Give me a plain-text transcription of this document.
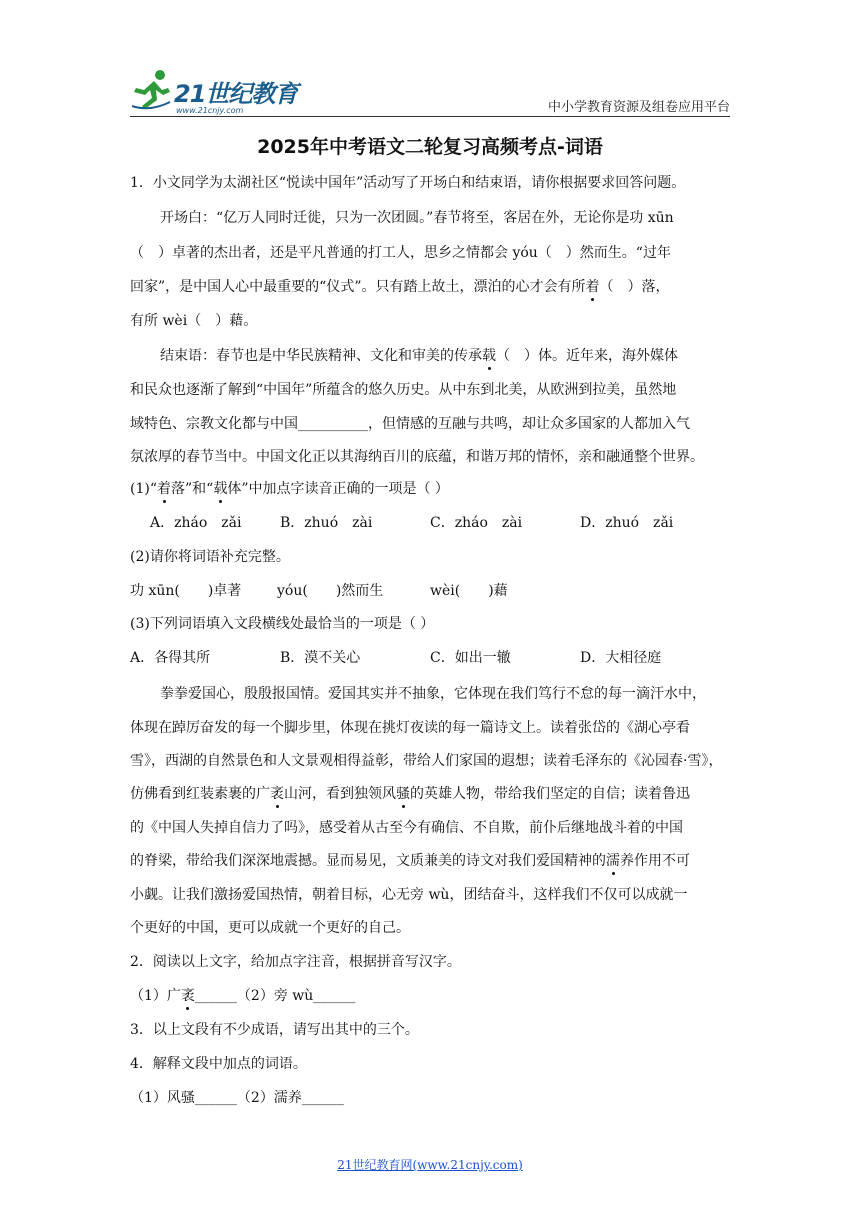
21世纪教育
www.21cnjy.com	中小学教育资源及组卷应用平台
2025年中考语文二轮复习高频考点-词语
1．小文同学为太湖社区“悦读中国年”活动写了开场白和结束语，请你根据要求回答问题。
开场白：“亿万人同时迁徙，只为一次团圆。”春节将至，客居在外，无论你是功 xūn
（　）卓著的杰出者，还是平凡普通的打工人，思乡之情都会 yóu（　）然而生。“过年
回家”，是中国人心中最重要的“仪式”。只有踏上故土，漂泊的心才会有所着（　）落，
有所 wèi（　）藉。
结束语：春节也是中华民族精神、文化和审美的传承载（　）体。近年来，海外媒体
和民众也逐渐了解到“中国年”所蕴含的悠久历史。从中东到北美，从欧洲到拉美，虽然地
域特色、宗教文化都与中国__________，但情感的互融与共鸣，却让众多国家的人都加入气
氛浓厚的春节当中。中国文化正以其海纳百川的底蕴，和谐万邦的情怀，亲和融通整个世界。
(1)“着落”和“载体”中加点字读音正确的一项是（ ）
A．zháo　zǎi	B．zhuó　zài	C．zháo　zài	D．zhuó　zǎi
(2)请你将词语补充完整。
功 xūn(　　)卓著	yóu(　　)然而生	wèi(　　)藉
(3)下列词语填入文段横线处最恰当的一项是（ ）
A．各得其所	B．漠不关心	C．如出一辙	D．大相径庭
拳拳爱国心，殷殷报国情。爱国其实并不抽象，它体现在我们笃行不怠的每一滴汗水中，
体现在踔厉奋发的每一个脚步里，体现在挑灯夜读的每一篇诗文上。读着张岱的《湖心亭看
雪》，西湖的自然景色和人文景观相得益彰，带给人们家国的遐想；读着毛泽东的《沁园春·雪》，
仿佛看到红装素裹的广袤山河，看到独领风骚的英雄人物，带给我们坚定的自信；读着鲁迅
的《中国人失掉自信力了吗》，感受着从古至今有确信、不自欺，前仆后继地战斗着的中国
的脊梁，带给我们深深地震撼。显而易见，文质兼美的诗文对我们爱国精神的濡养作用不可
小觑。让我们激扬爱国热情，朝着目标，心无旁 wù，团结奋斗，这样我们不仅可以成就一
个更好的中国，更可以成就一个更好的自己。
2．阅读以上文字，给加点字注音，根据拼音写汉字。
（1）广袤______（2）旁 wù______
3．以上文段有不少成语，请写出其中的三个。
4．解释文段中加点的词语。
（1）风骚______（2）濡养______
21世纪教育网(www.21cnjy.com)
